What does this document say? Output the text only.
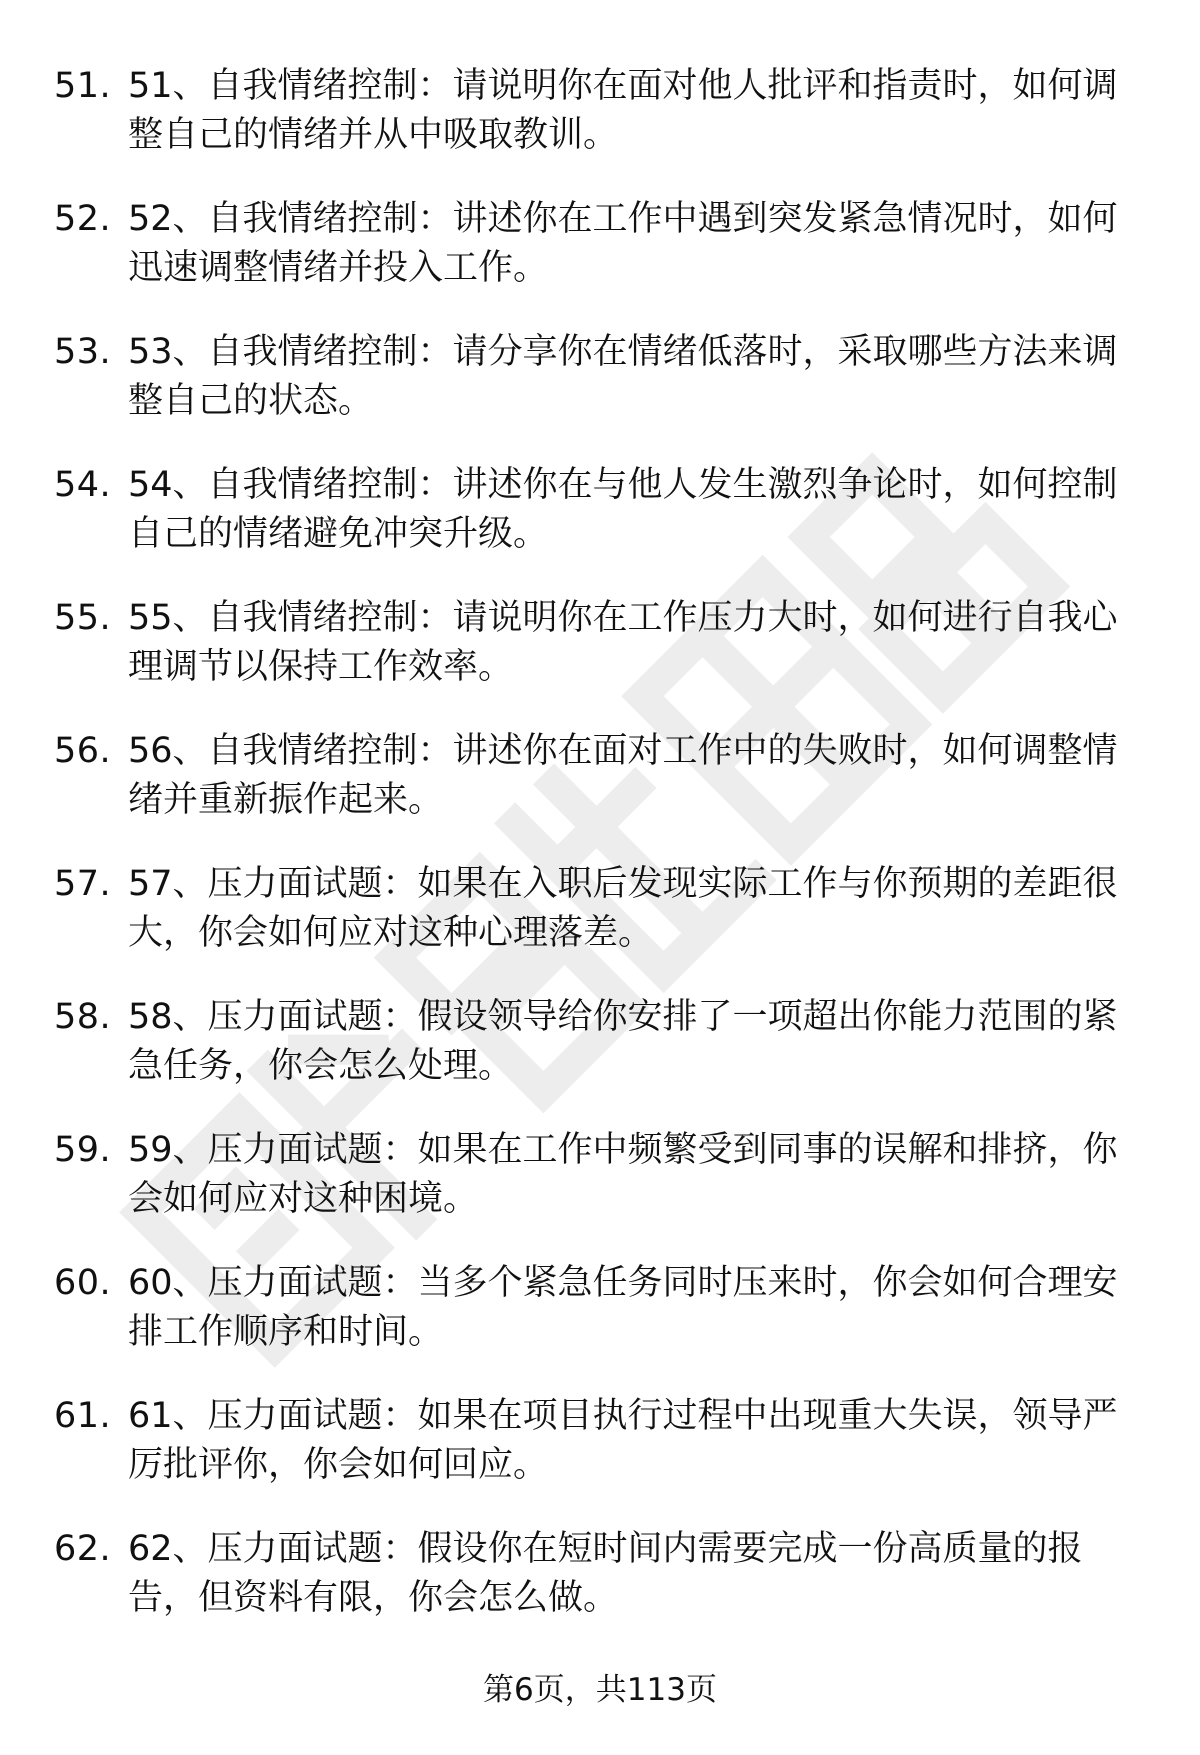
51. 51、自我情绪控制：请说明你在面对他人批评和指责时，如何调整自己的情绪并从中吸取教训。
52. 52、自我情绪控制：讲述你在工作中遇到突发紧急情况时，如何迅速调整情绪并投入工作。
53. 53、自我情绪控制：请分享你在情绪低落时，采取哪些方法来调整自己的状态。
54. 54、自我情绪控制：讲述你在与他人发生激烈争论时，如何控制自己的情绪避免冲突升级。
55. 55、自我情绪控制：请说明你在工作压力大时，如何进行自我心理调节以保持工作效率。
56. 56、自我情绪控制：讲述你在面对工作中的失败时，如何调整情绪并重新振作起来。
57. 57、压力面试题：如果在入职后发现实际工作与你预期的差距很大，你会如何应对这种心理落差。
58. 58、压力面试题：假设领导给你安排了一项超出你能力范围的紧急任务，你会怎么处理。
59. 59、压力面试题：如果在工作中频繁受到同事的误解和排挤，你会如何应对这种困境。
60. 60、压力面试题：当多个紧急任务同时压来时，你会如何合理安排工作顺序和时间。
61. 61、压力面试题：如果在项目执行过程中出现重大失误，领导严厉批评你，你会如何回应。
62. 62、压力面试题：假设你在短时间内需要完成一份高质量的报告，但资料有限，你会怎么做。
第6页，共113页
